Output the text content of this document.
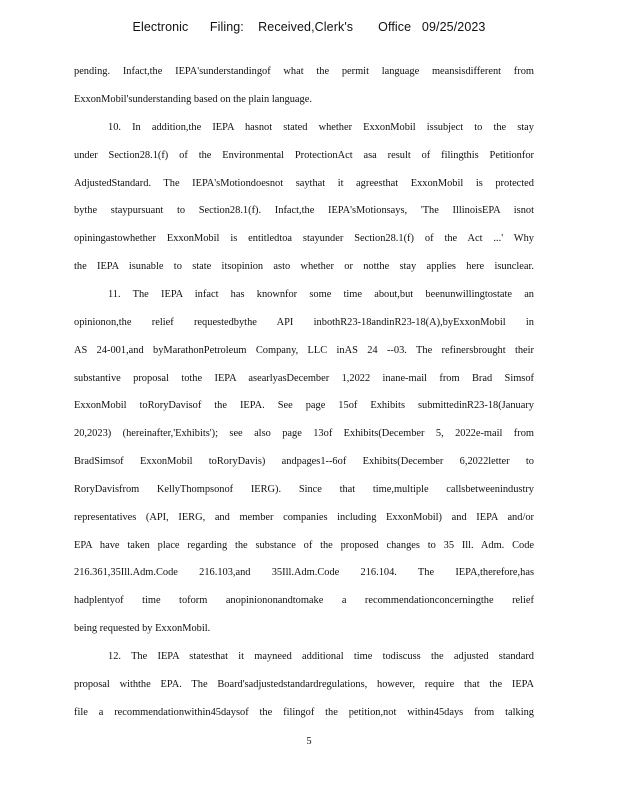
Electronic      Filing:    Received,Clerk's       Office   09/25/2023
pending. Infact,the IEPA'sunderstandingof what the permit language meansisdifferent from
ExxonMobil'sunderstanding based on the plain language.
10. In addition,the IEPA hasnot stated whether ExxonMobil issubject to the stay
under Section28.1(f) of the Environmental ProtectionAct asa result of filingthis Petitionfor
AdjustedStandard. The IEPA'sMotiondoesnot saythat it agreesthat ExxonMobil is protected
bythe staypursuant to Section28.1(f). Infact,the IEPA'sMotionsays, 'The IllinoisEPA isnot
opiningastowhether ExxonMobil is entitledtoa stayunder Section28.1(f) of the Act ...' Why
the IEPA isunable to state itsopinion asto whether or notthe stay applies here isunclear.
11. The IEPA infact has knownfor some time about,but beenunwillingtostate an
opinionon,the relief requestedbythe API inbothR23-18andinR23-18(A),byExxonMobil in
AS 24-001,and byMarathonPetroleum Company, LLC inAS 24 --03. The refinersbrought their
substantive proposal tothe IEPA asearlyasDecember 1,2022 inane-mail from Brad Simsof
ExxonMobil toRoryDavisof the IEPA. See page 15of Exhibits submittedinR23-18(January
20,2023) (hereinafter,'Exhibits'); see also page 13of Exhibits(December 5, 2022e-mail from
BradSimsof ExxonMobil toRoryDavis) andpages1--6of Exhibits(December 6,2022letter to
RoryDavisfrom KellyThompsonof IERG). Since that time,multiple callsbetweenindustry
representatives (API, IERG, and member companies including ExxonMobil) and IEPA and/or
EPA have taken place regarding the substance of the proposed changes to 35 Ill. Adm. Code
216.361,35Ill.Adm.Code 216.103,and 35Ill.Adm.Code 216.104. The IEPA,therefore,has
hadplentyof time toform anopiniononandtomake a recommendationconcerningthe relief
being requested by ExxonMobil.
12. The IEPA statesthat it mayneed additional time todiscuss the adjusted standard
proposal withthe EPA. The Board'sadjustedstandardregulations, however, require that the IEPA
file a recommendationwithin45daysof the filingof the petition,not within45days from talking
5
